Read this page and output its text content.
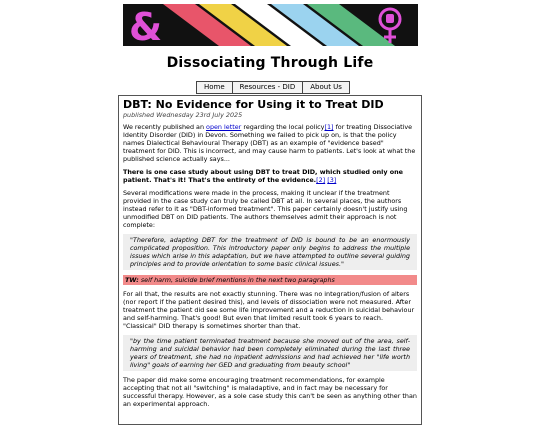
&
Dissociating Through Life
Home	Resources - DID	About Us
DBT: No Evidence for Using it to Treat DID
published Wednesday 23rd July 2025

We recently published an open letter regarding the local policy[1] for treating Dissociative Identity Disorder (DID) in Devon. Something we failed to pick up on, is that the policy names Dialectical Behavioural Therapy (DBT) as an example of "evidence based" treatment for DID. This is incorrect, and may cause harm to patients. Let's look at what the published science actually says...

There is one case study about using DBT to treat DID, which studied only one patient. That's it! That's the entirety of the evidence.[2] [3]

Several modifications were made in the process, making it unclear if the treatment provided in the case study can truly be called DBT at all. In several places, the authors instead refer to it as "DBT-informed treatment". This paper certainly doesn't justify using unmodified DBT on DID patients. The authors themselves admit their approach is not complete:

"Therefore, adapting DBT for the treatment of DID is bound to be an enormously complicated proposition. This introductory paper only begins to address the multiple issues which arise in this adaptation, but we have attempted to outline several guiding principles and to provide orientation to some basic clinical issues."
TW: self harm, suicide brief mentions in the next two paragraphs

For all that, the results are not exactly stunning. There was no integration/fusion of alters (nor report if the patient desired this), and levels of dissociation were not measured. After treatment the patient did see some life improvement and a reduction in suicidal behaviour and self-harming. That's good! But even that limited result took 6 years to reach. "Classical" DID therapy is sometimes shorter than that.

"by the time patient terminated treatment because she moved out of the area, self-harming and suicidal behavior had been completely eliminated during the last three years of treatment, she had no inpatient admissions and had achieved her "life worth living" goals of earning her GED and graduating from beauty school"

The paper did make some encouraging treatment recommendations, for example accepting that not all "switching" is maladaptive, and in fact may be necessary for successful therapy. However, as a sole case study this can't be seen as anything other than an experimental approach.
